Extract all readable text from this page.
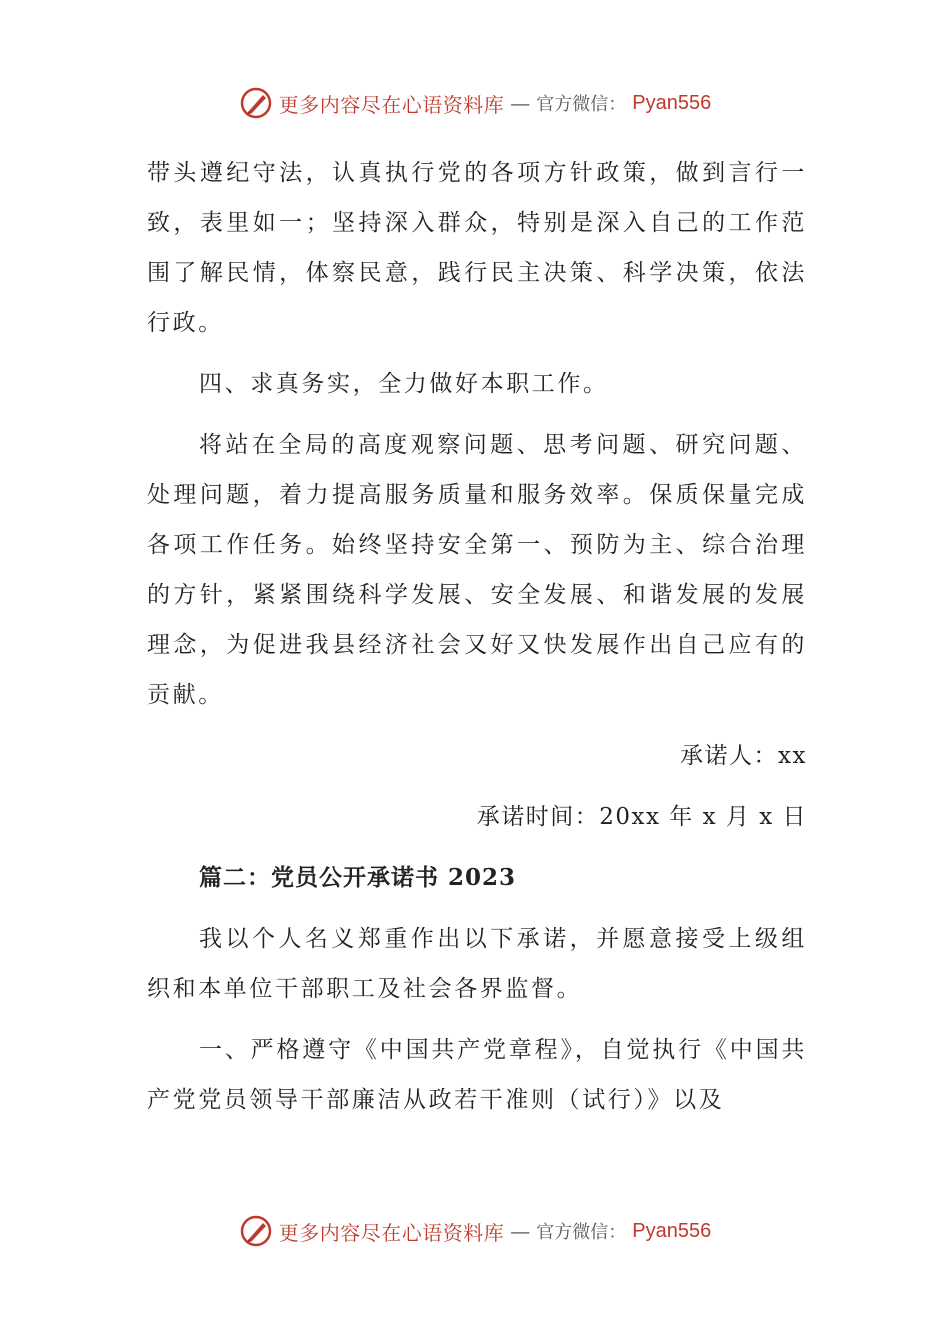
更多内容尽在心语资料库 — 官方微信： Pyan556

带头遵纪守法，认真执行党的各项方针政策，做到言行一致，表里如一；坚持深入群众，特别是深入自己的工作范围了解民情，体察民意，践行民主决策、科学决策，依法行政。

四、求真务实，全力做好本职工作。

将站在全局的高度观察问题、思考问题、研究问题、处理问题，着力提高服务质量和服务效率。保质保量完成各项工作任务。始终坚持安全第一、预防为主、综合治理的方针，紧紧围绕科学发展、安全发展、和谐发展的发展理念，为促进我县经济社会又好又快发展作出自己应有的贡献。

承诺人：xx

承诺时间：20xx 年 x 月 x 日

篇二：党员公开承诺书 2023

我以个人名义郑重作出以下承诺，并愿意接受上级组织和本单位干部职工及社会各界监督。

一、严格遵守《中国共产党章程》，自觉执行《中国共产党党员领导干部廉洁从政若干准则（试行）》以及

更多内容尽在心语资料库 — 官方微信： Pyan556
